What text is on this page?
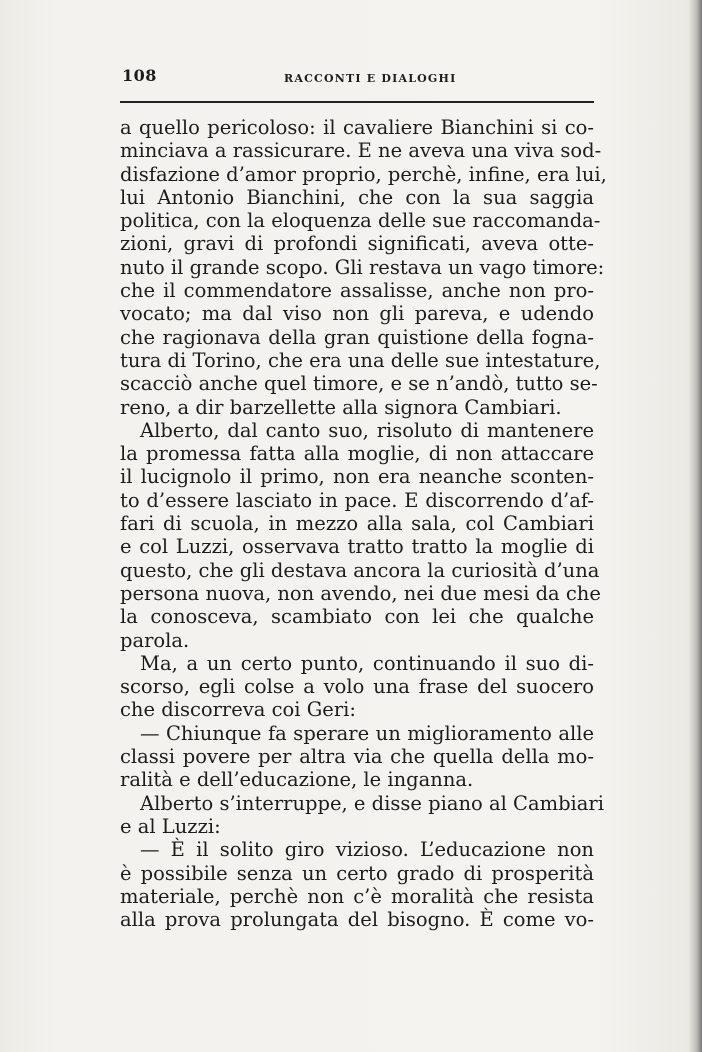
108	RACCONTI E DIALOGHI
a quello pericoloso: il cavaliere Bianchini si co-
minciava a rassicurare. E ne aveva una viva sod-
disfazione d’amor proprio, perchè, infine, era lui,
lui Antonio Bianchini, che con la sua saggia
politica, con la eloquenza delle sue raccomanda-
zioni, gravi di profondi significati, aveva otte-
nuto il grande scopo. Gli restava un vago timore:
che il commendatore assalisse, anche non pro-
vocato; ma dal viso non gli pareva, e udendo
che ragionava della gran quistione della fogna-
tura di Torino, che era una delle sue intestature,
scacciò anche quel timore, e se n’andò, tutto se-
reno, a dir barzellette alla signora Cambiari.
Alberto, dal canto suo, risoluto di mantenere
la promessa fatta alla moglie, di non attaccare
il lucignolo il primo, non era neanche sconten-
to d’essere lasciato in pace. E discorrendo d’af-
fari di scuola, in mezzo alla sala, col Cambiari
e col Luzzi, osservava tratto tratto la moglie di
questo, che gli destava ancora la curiosità d’una
persona nuova, non avendo, nei due mesi da che
la conosceva, scambiato con lei che qualche
parola.
Ma, a un certo punto, continuando il suo di-
scorso, egli colse a volo una frase del suocero
che discorreva coi Geri:
— Chiunque fa sperare un miglioramento alle
classi povere per altra via che quella della mo-
ralità e dell’educazione, le inganna.
Alberto s’interruppe, e disse piano al Cambiari
e al Luzzi:
— È il solito giro vizioso. L’educazione non
è possibile senza un certo grado di prosperità
materiale, perchè non c’è moralità che resista
alla prova prolungata del bisogno. È come vo-
